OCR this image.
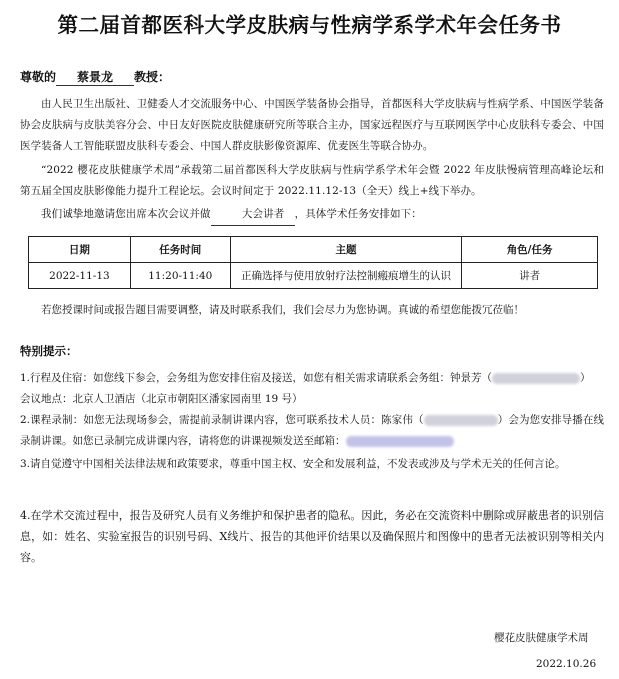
第二届首都医科大学皮肤病与性病学系学术年会任务书
尊敬的 蔡景龙 教授：
由人民卫生出版社、卫健委人才交流服务中心、中国医学装备协会指导，首都医科大学皮肤病与性病学系、中国医学装备协会皮肤病与皮肤美容分会、中日友好医院皮肤健康研究所等联合主办，国家远程医疗与互联网医学中心皮肤科专委会、中国医学装备人工智能联盟皮肤科专委会、中国人群皮肤影像资源库、优麦医生等联合协办。
“2022 樱花皮肤健康学术周”承载第二届首都医科大学皮肤病与性病学系学术年会暨 2022 年皮肤慢病管理高峰论坛和第五届全国皮肤影像能力提升工程论坛。会议时间定于 2022.11.12-13（全天）线上+线下举办。
我们诚挚地邀请您出席本次会议并做	大会讲者 ，具体学术任务安排如下：
日期	任务时间	主题	角色/任务
2022-11-13	11:20-11:40	正确选择与使用放射疗法控制瘢痕增生的认识	讲者
若您授课时间或报告题目需要调整，请及时联系我们，我们会尽力为您协调。真诚的希望您能拨冗莅临！
特别提示：
1.行程及住宿：如您线下参会，会务组为您安排住宿及接送，如您有相关需求请联系会务组：钟景芳（	）
会议地点：北京人卫酒店（北京市朝阳区潘家园南里 19 号）
2.课程录制：如您无法现场参会，需提前录制讲课内容，您可联系技术人员：陈家伟（	）会为您安排导播在线录制讲课。如您已录制完成讲课内容，请将您的讲课视频发送至邮箱：
3.请自觉遵守中国相关法律法规和政策要求，尊重中国主权、安全和发展利益，不发表或涉及与学术无关的任何言论。
4.在学术交流过程中，报告及研究人员有义务维护和保护患者的隐私。因此，务必在交流资料中删除或屏蔽患者的识别信息，如：姓名、实验室报告的识别号码、X线片、报告的其他评价结果以及确保照片和图像中的患者无法被识别等相关内容。
樱花皮肤健康学术周
2022.10.26
